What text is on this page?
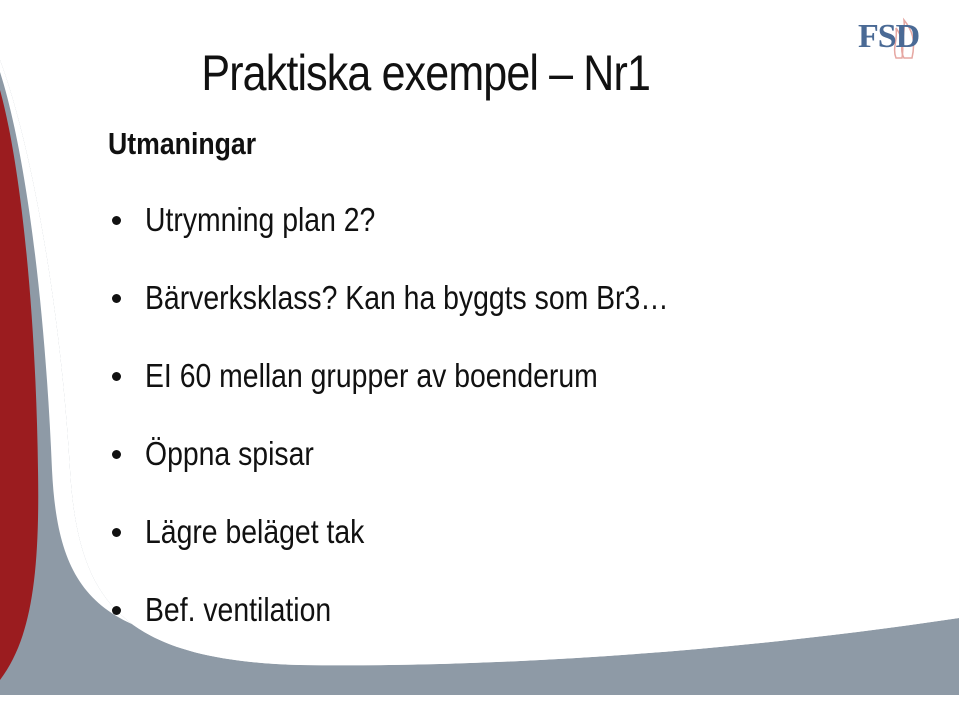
FSD
Praktiska exempel – Nr1
Utmaningar
Utrymning plan 2?
Bärverksklass? Kan ha byggts som Br3…
EI 60 mellan grupper av boenderum
Öppna spisar
Lägre beläget tak
Bef. ventilation
